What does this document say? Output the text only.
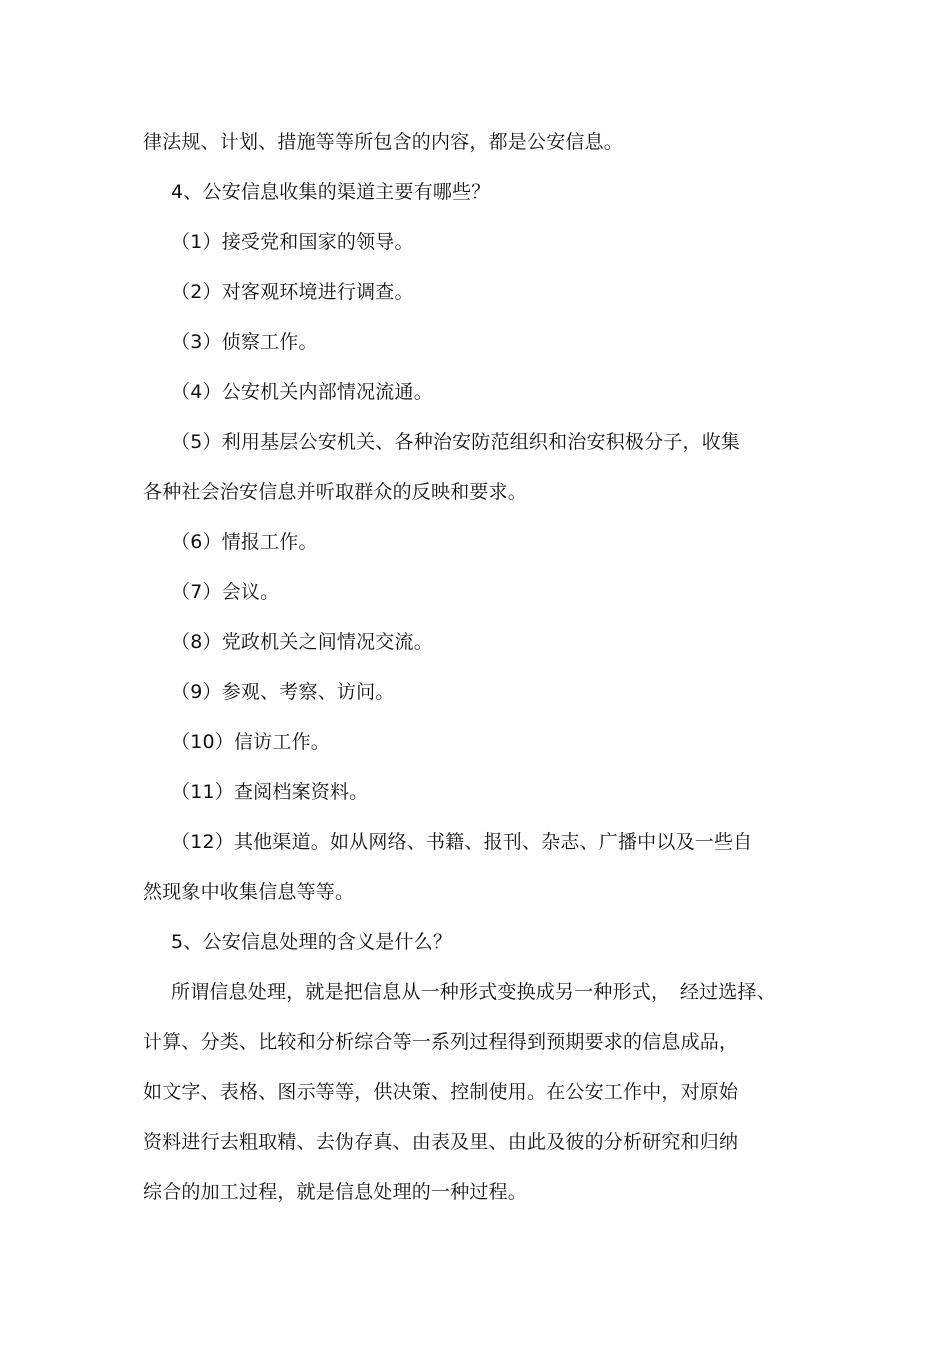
律法规、计划、措施等等所包含的内容，都是公安信息。
4、公安信息收集的渠道主要有哪些？
（1）接受党和国家的领导。
（2）对客观环境进行调查。
（3）侦察工作。
（4）公安机关内部情况流通。
（5）利用基层公安机关、各种治安防范组织和治安积极分子，收集
各种社会治安信息并听取群众的反映和要求。
（6）情报工作。
（7）会议。
（8）党政机关之间情况交流。
（9）参观、考察、访问。
（10）信访工作。
（11）查阅档案资料。
（12）其他渠道。如从网络、书籍、报刊、杂志、广播中以及一些自
然现象中收集信息等等。
5、公安信息处理的含义是什么？
所谓信息处理，就是把信息从一种形式变换成另一种形式，　经过选择、
计算、分类、比较和分析综合等一系列过程得到预期要求的信息成品，
如文字、表格、图示等等，供决策、控制使用。在公安工作中，对原始
资料进行去粗取精、去伪存真、由表及里、由此及彼的分析研究和归纳
综合的加工过程，就是信息处理的一种过程。
